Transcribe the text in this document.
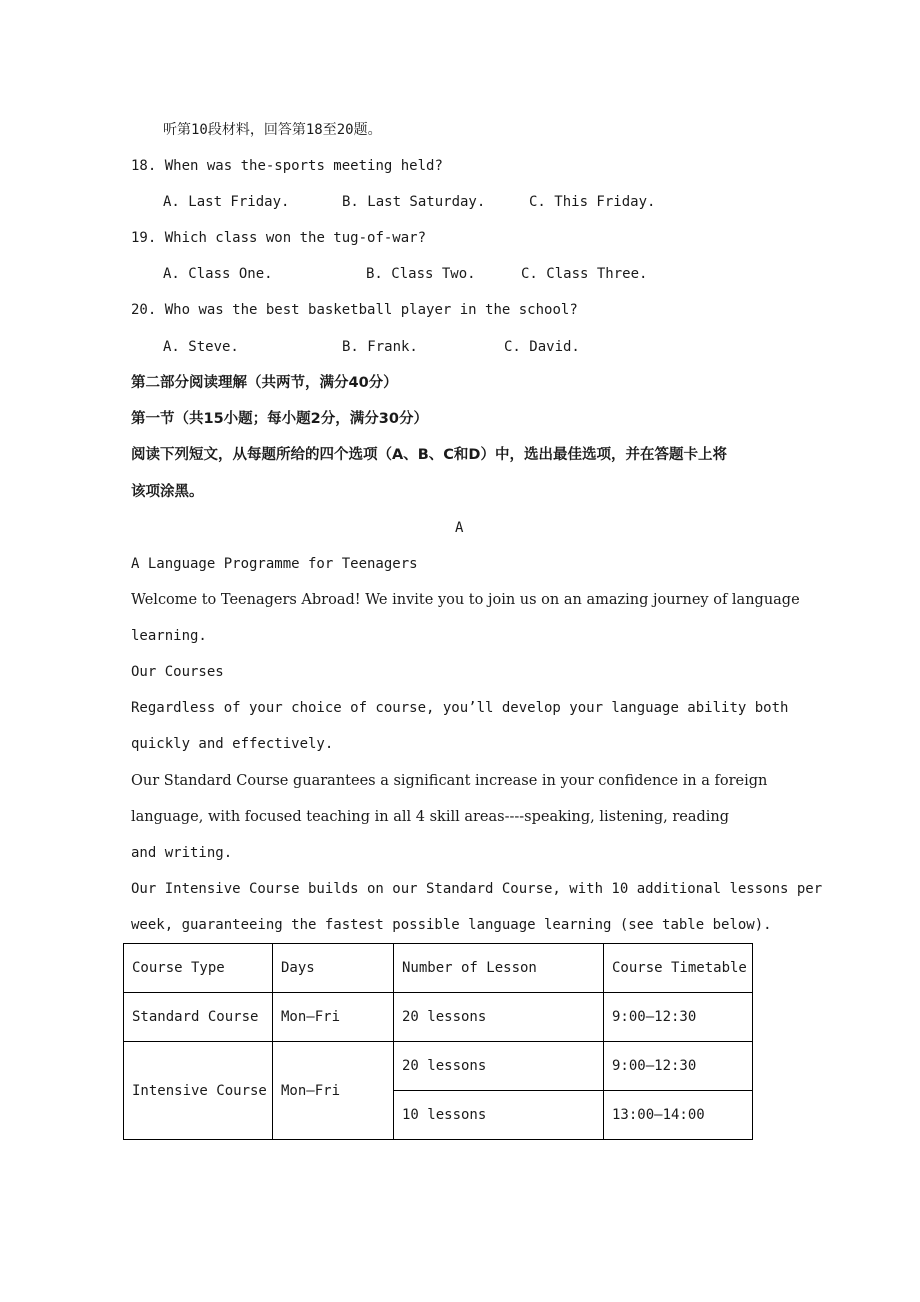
听第10段材料，回答第18至20题。
18. When was the-sports meeting held?
A. Last Friday.	B. Last Saturday.	C. This Friday.
19. Which class won the tug-of-war?
A. Class One.	B. Class Two.	C. Class Three.
20. Who was the best basketball player in the school?
A. Steve.	B. Frank.	C. David.
第二部分阅读理解（共两节，满分40分）
第一节（共15小题；每小题2分，满分30分）
阅读下列短文，从每题所给的四个选项（A、B、C和D）中，选出最佳选项，并在答题卡上将
该项涂黑。
A
A Language Programme for Teenagers
Welcome to Teenagers Abroad! We invite you to join us on an amazing journey of language
learning.
Our Courses
Regardless of your choice of course, you’ll develop your language ability both
quickly and effectively.
Our Standard Course guarantees a significant increase in your confidence in a foreign
language, with focused teaching in all 4 skill areas----speaking, listening, reading
and writing.
Our Intensive Course builds on our Standard Course, with 10 additional lessons per
week, guaranteeing the fastest possible language learning (see table below).
Course Type	Days	Number of Lesson	Course Timetable
Standard Course	Mon—Fri	20 lessons	9:00—12:30
Intensive Course	Mon—Fri	20 lessons	9:00—12:30
		10 lessons	13:00—14:00
